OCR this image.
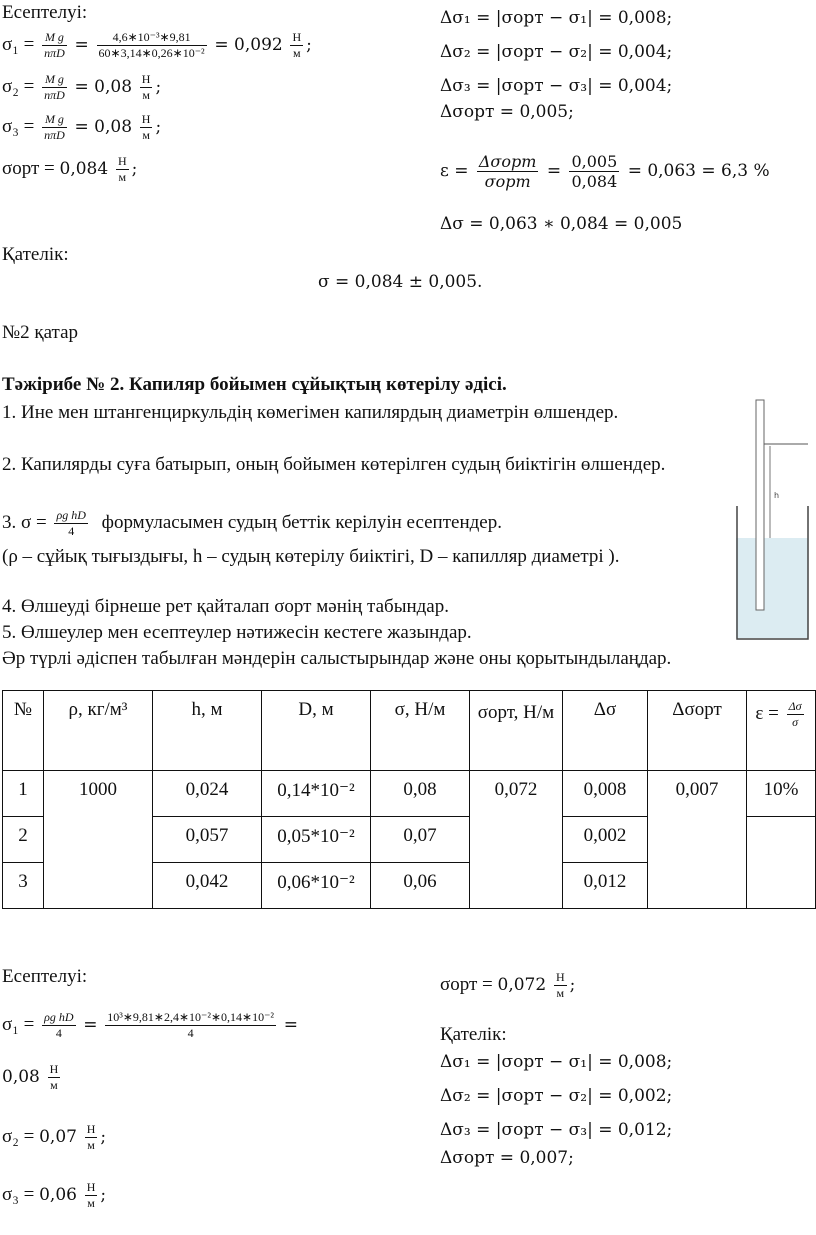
Есептелуі:
$\sigma_1 = \frac{\text{M g}}{\text{nπD}} = \frac{\text{4,6∗10⁻³∗9,81}}{\text{60∗3,14∗0,26∗10⁻²}} = 0,092 \frac{Н}{м}$ ;
$\sigma_2 = \frac{\text{M g}}{\text{nπD}} = 0,08 \frac{Н}{м}$ ;
$\sigma_3 = \frac{\text{M g}}{\text{nπD}} = 0,08 \frac{Н}{м}$ ;
$\sigma орт = 0,084 \frac{Н}{м}$ ;
Δσ₁ = |σорт − σ₁| = 0,008;
Δσ₂ = |σорт − σ₂| = 0,004;
Δσ₃ = |σорт − σ₃| = 0,004;
Δσорт = 0,005;
$\varepsilon = \frac{\text{Δσорт}}{\text{σорт}} = \frac{0,005}{0,084} = 0,063 = 6,3$ %
Δσ = 0,063 ∗ 0,084 = 0,005
Қателік:
σ = 0,084 ± 0,005.
№2 қатар
Тәжірибе № 2. Капиляр бойымен сұйықтың көтерілу әдісі.
1. Ине мен штангенциркульдің көмегімен капилярдың диаметрін өлшендер.
2. Капилярды суға батырып, оның бойымен көтерілген судың биіктігін өлшендер.
3. $\sigma = \frac{\text{ρg hD}}{4}$ формуласымен судың беттік керілуін есептендер.
(ρ – сұйық тығыздығы, h – судың көтерілу биіктігі, D – капилляр диаметрі ).
4. Өлшеуді бірнеше рет қайталап σорт мәнің табындар.
5. Өлшеулер мен есептеулер нәтижесін кестеге жазындар.
Әр түрлі әдіспен табылған мәндерін салыстырындар және оны қорытындылаңдар.
h
№	ρ, кг/м³	h, м	D, м	σ, Н/м	σорт, Н/м	Δσ	Δσорт	$\varepsilon = \frac{\Delta\sigma}{\sigma}$

1	1000	0,024	0,14*10⁻²	0,08	0,072	0,008	0,007	10%
2		0,057	0,05*10⁻²	0,07		0,002		
3		0,042	0,06*10⁻²	0,06		0,012		
Есептелуі:
$\sigma_1 = \frac{\text{ρg hD}}{4} = \frac{\text{10³∗9,81∗2,4∗10⁻²∗0,14∗10⁻²}}{4}$ =
$0,08 \frac{Н}{м}$
$\sigma_2 = 0,07 \frac{Н}{м}$ ;
$\sigma_3 = 0,06 \frac{Н}{м}$ ;
$\sigma орт = 0,072 \frac{Н}{м}$ ;
Қателік:
Δσ₁ = |σорт − σ₁| = 0,008;
Δσ₂ = |σорт − σ₂| = 0,002;
Δσ₃ = |σорт − σ₃| = 0,012;
Δσорт = 0,007;
